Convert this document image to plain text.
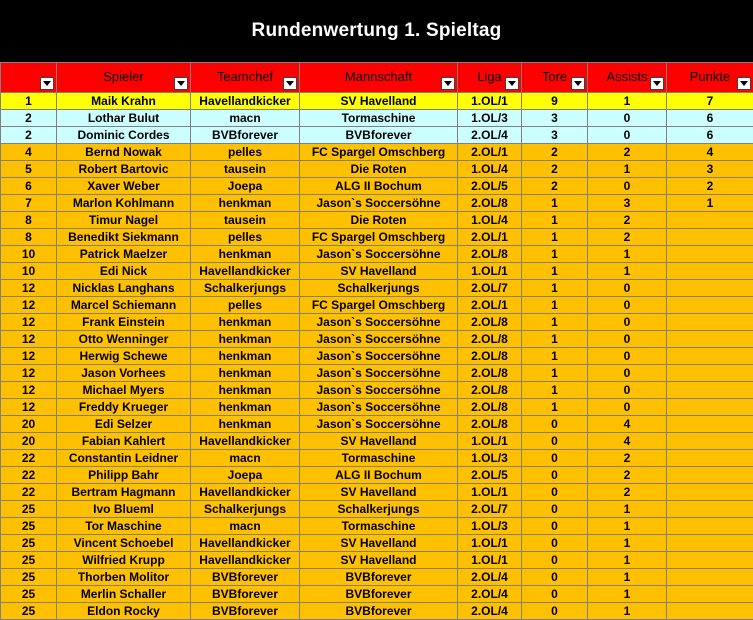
Rundenwertung 1. Spieltag

	Spieler	Teamchef	Mannschaft	Liga	Tore	Assists	Punkte

1	Maik Krahn	Havellandkicker	SV Havelland	1.OL/1	9	1	7
2	Lothar Bulut	macn	Tormaschine	1.OL/3	3	0	6
2	Dominic Cordes	BVBforever	BVBforever	2.OL/4	3	0	6
4	Bernd Nowak	pelles	FC Spargel Omschberg	2.OL/1	2	2	4
5	Robert Bartovic	tausein	Die Roten	1.OL/4	2	1	3
6	Xaver Weber	Joepa	ALG II Bochum	2.OL/5	2	0	2
7	Marlon Kohlmann	henkman	Jason`s Soccersöhne	2.OL/8	1	3	1
8	Timur Nagel	tausein	Die Roten	1.OL/4	1	2	
8	Benedikt Siekmann	pelles	FC Spargel Omschberg	2.OL/1	1	2	
10	Patrick Maelzer	henkman	Jason`s Soccersöhne	2.OL/8	1	1	
10	Edi Nick	Havellandkicker	SV Havelland	1.OL/1	1	1	
12	Nicklas Langhans	Schalkerjungs	Schalkerjungs	2.OL/7	1	0	
12	Marcel Schiemann	pelles	FC Spargel Omschberg	2.OL/1	1	0	
12	Frank Einstein	henkman	Jason`s Soccersöhne	2.OL/8	1	0	
12	Otto Wenninger	henkman	Jason`s Soccersöhne	2.OL/8	1	0	
12	Herwig Schewe	henkman	Jason`s Soccersöhne	2.OL/8	1	0	
12	Jason Vorhees	henkman	Jason`s Soccersöhne	2.OL/8	1	0	
12	Michael Myers	henkman	Jason`s Soccersöhne	2.OL/8	1	0	
12	Freddy Krueger	henkman	Jason`s Soccersöhne	2.OL/8	1	0	
20	Edi Selzer	henkman	Jason`s Soccersöhne	2.OL/8	0	4	
20	Fabian Kahlert	Havellandkicker	SV Havelland	1.OL/1	0	4	
22	Constantin Leidner	macn	Tormaschine	1.OL/3	0	2	
22	Philipp Bahr	Joepa	ALG II Bochum	2.OL/5	0	2	
22	Bertram Hagmann	Havellandkicker	SV Havelland	1.OL/1	0	2	
25	Ivo Blueml	Schalkerjungs	Schalkerjungs	2.OL/7	0	1	
25	Tor Maschine	macn	Tormaschine	1.OL/3	0	1	
25	Vincent Schoebel	Havellandkicker	SV Havelland	1.OL/1	0	1	
25	Wilfried Krupp	Havellandkicker	SV Havelland	1.OL/1	0	1	
25	Thorben Molitor	BVBforever	BVBforever	2.OL/4	0	1	
25	Merlin Schaller	BVBforever	BVBforever	2.OL/4	0	1	
25	Eldon Rocky	BVBforever	BVBforever	2.OL/4	0	1	
